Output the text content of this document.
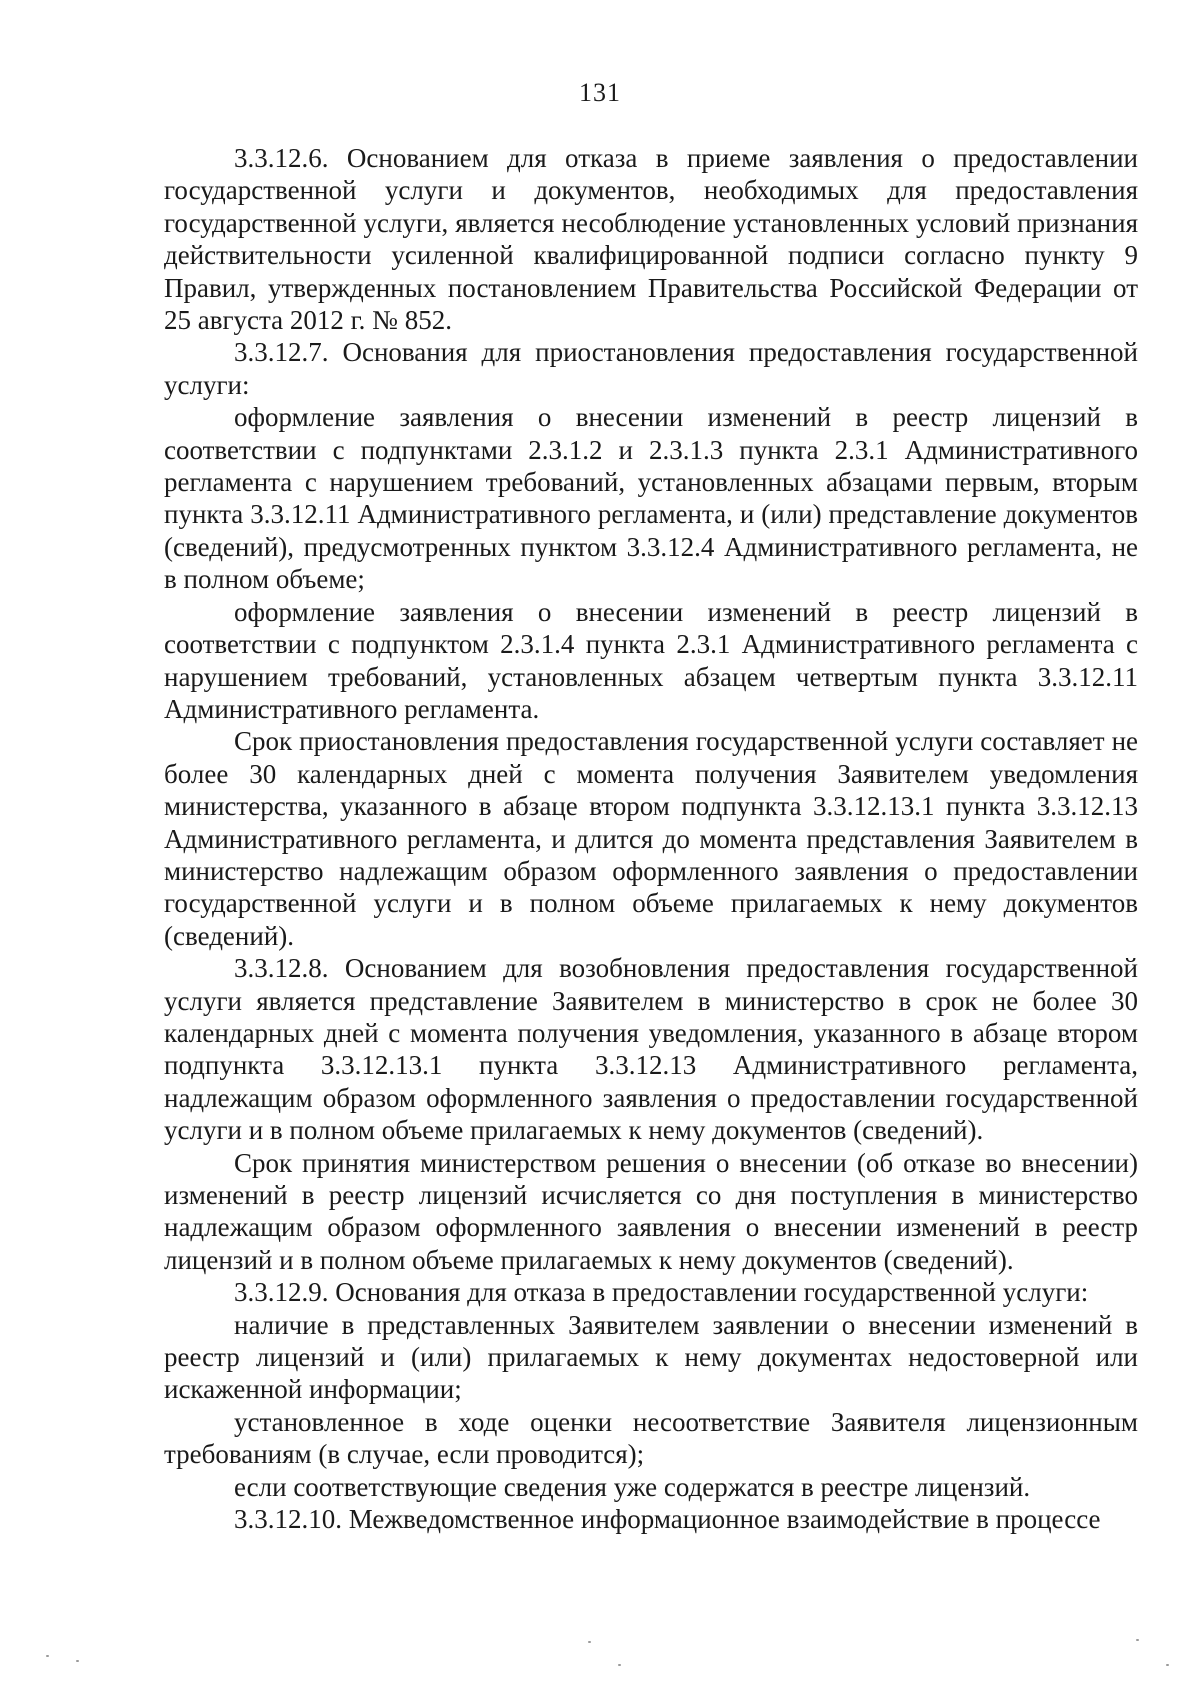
131

3.3.12.6. Основанием для отказа в приеме заявления о предоставлении государственной услуги и документов, необходимых для предоставления государственной услуги, является несоблюдение установленных условий признания действительности усиленной квалифицированной подписи согласно пункту 9 Правил, утвержденных постановлением Правительства Российской Федерации от 25 августа 2012 г. № 852.

3.3.12.7. Основания для приостановления предоставления государственной услуги:

оформление заявления о внесении изменений в реестр лицензий в соответствии с подпунктами 2.3.1.2 и 2.3.1.3 пункта 2.3.1 Административного регламента с нарушением требований, установленных абзацами первым, вторым пункта 3.3.12.11 Административного регламента, и (или) представление документов (сведений), предусмотренных пунктом 3.3.12.4 Административного регламента, не в полном объеме;

оформление заявления о внесении изменений в реестр лицензий в соответствии с подпунктом 2.3.1.4 пункта 2.3.1 Административного регламента с нарушением требований, установленных абзацем четвертым пункта 3.3.12.11 Административного регламента.

Срок приостановления предоставления государственной услуги составляет не более 30 календарных дней с момента получения Заявителем уведомления министерства, указанного в абзаце втором подпункта 3.3.12.13.1 пункта 3.3.12.13 Административного регламента, и длится до момента представления Заявителем в министерство надлежащим образом оформленного заявления о предоставлении государственной услуги и в полном объеме прилагаемых к нему документов (сведений).

3.3.12.8. Основанием для возобновления предоставления государственной услуги является представление Заявителем в министерство в срок не более 30 календарных дней с момента получения уведомления, указанного в абзаце втором подпункта 3.3.12.13.1 пункта 3.3.12.13 Административного регламента, надлежащим образом оформленного заявления о предоставлении государственной услуги и в полном объеме прилагаемых к нему документов (сведений).

Срок принятия министерством решения о внесении (об отказе во внесении) изменений в реестр лицензий исчисляется со дня поступления в министерство надлежащим образом оформленного заявления о внесении изменений в реестр лицензий и в полном объеме прилагаемых к нему документов (сведений).

3.3.12.9. Основания для отказа в предоставлении государственной услуги:

наличие в представленных Заявителем заявлении о внесении изменений в реестр лицензий и (или) прилагаемых к нему документах недостоверной или искаженной информации;

установленное в ходе оценки несоответствие Заявителя лицензионным требованиям (в случае, если проводится);

если соответствующие сведения уже содержатся в реестре лицензий.

3.3.12.10. Межведомственное информационное взаимодействие в процессе
